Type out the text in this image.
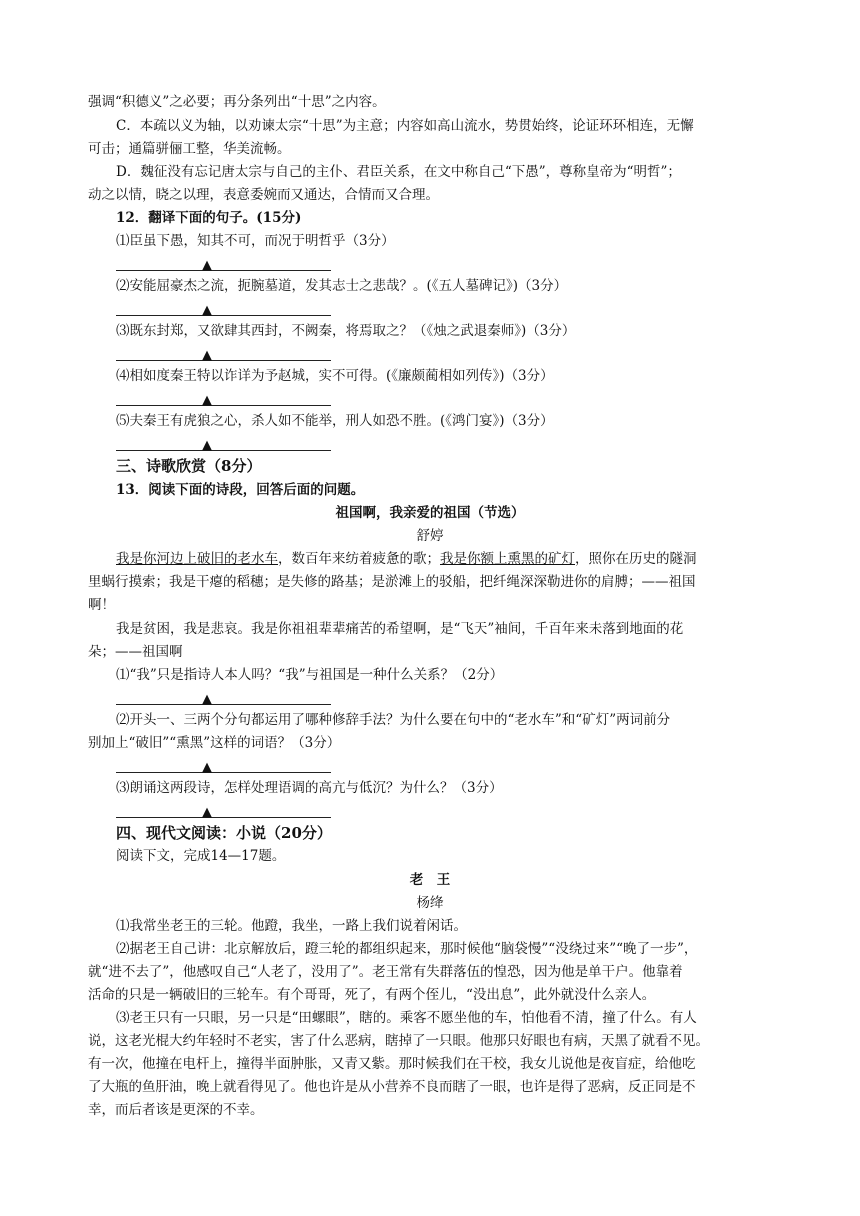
强调“积德义”之必要；再分条列出“十思”之内容。
C．本疏以义为轴，以劝谏太宗“十思”为主意；内容如高山流水，势贯始终，论证环环相连，无懈
可击；通篇骈俪工整，华美流畅。
D．魏征没有忘记唐太宗与自己的主仆、君臣关系，在文中称自己“下愚”，尊称皇帝为“明哲”；
动之以情，晓之以理，表意委婉而又通达，合情而又合理。
12．翻译下面的句子。(15分)
⑴臣虽下愚，知其不可，而况于明哲乎（3分）
▲
⑵安能屈豪杰之流，扼腕墓道，发其志士之悲哉？。(《五人墓碑记》)（3分）
▲
⑶既东封郑，又欲肆其西封，不阙秦，将焉取之？（《烛之武退秦师》)（3分）
▲
⑷相如度秦王特以诈详为予赵城，实不可得。(《廉颇蔺相如列传》)（3分）
▲
⑸夫秦王有虎狼之心，杀人如不能举，刑人如恐不胜。(《鸿门宴》)（3分）
▲
三、诗歌欣赏（8分）
13．阅读下面的诗段，回答后面的问题。
祖国啊，我亲爱的祖国（节选）
舒婷
我是你河边上破旧的老水车，数百年来纺着疲惫的歌；我是你额上熏黑的矿灯，照你在历史的隧洞
里蜗行摸索；我是干瘪的稻穗；是失修的路基；是淤滩上的驳船，把纤绳深深勒进你的肩膊；——祖国
啊！
我是贫困，我是悲哀。我是你祖祖辈辈痛苦的希望啊，是“飞天”袖间，千百年来未落到地面的花
朵；——祖国啊
⑴“我”只是指诗人本人吗？“我”与祖国是一种什么关系？（2分）
▲
⑵开头一、三两个分句都运用了哪种修辞手法？为什么要在句中的“老水车”和“矿灯”两词前分
别加上“破旧”“熏黑”这样的词语？（3分）
▲
⑶朗诵这两段诗，怎样处理语调的高亢与低沉？为什么？（3分）
▲
四、现代文阅读：小说（20分）
阅读下文，完成14—17题。
老　王
杨绛
⑴我常坐老王的三轮。他蹬，我坐，一路上我们说着闲话。
⑵据老王自己讲：北京解放后，蹬三轮的都组织起来，那时候他“脑袋慢”“没绕过来”“晚了一步”，
就“进不去了”，他感叹自己“人老了，没用了”。老王常有失群落伍的惶恐，因为他是单干户。他靠着
活命的只是一辆破旧的三轮车。有个哥哥，死了，有两个侄儿，“没出息”，此外就没什么亲人。
⑶老王只有一只眼，另一只是“田螺眼”，瞎的。乘客不愿坐他的车，怕他看不清，撞了什么。有人
说，这老光棍大约年轻时不老实，害了什么恶病，瞎掉了一只眼。他那只好眼也有病，天黑了就看不见。
有一次，他撞在电杆上，撞得半面肿胀，又青又紫。那时候我们在干校，我女儿说他是夜盲症，给他吃
了大瓶的鱼肝油，晚上就看得见了。他也许是从小营养不良而瞎了一眼，也许是得了恶病，反正同是不
幸，而后者该是更深的不幸。
